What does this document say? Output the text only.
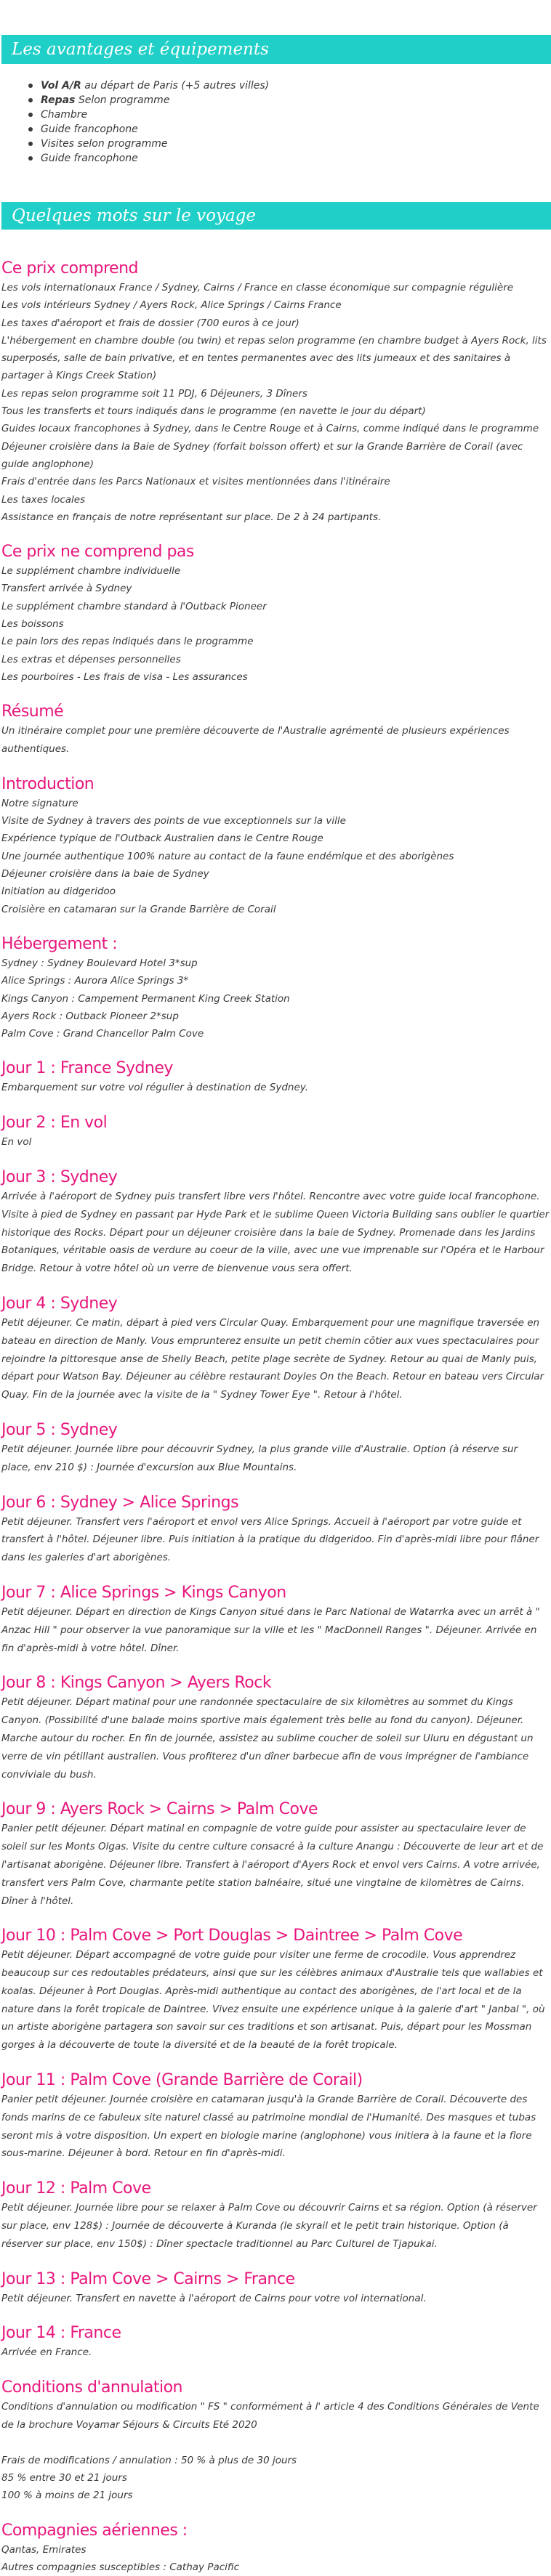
Les avantages et équipements
Vol A/R au départ de Paris (+5 autres villes)
Repas Selon programme
Chambre
Guide francophone
Visites selon programme
Guide francophone
Quelques mots sur le voyage
Ce prix comprend
Les vols internationaux France / Sydney, Cairns / France en classe économique sur compagnie régulière
Les vols intérieurs Sydney / Ayers Rock, Alice Springs / Cairns France
Les taxes d'aéroport et frais de dossier (700 euros à ce jour)
L'hébergement en chambre double (ou twin) et repas selon programme (en chambre budget à Ayers Rock, lits superposés, salle de bain privative, et en tentes permanentes avec des lits jumeaux et des sanitaires à partager à Kings Creek Station)
Les repas selon programme soit 11 PDJ, 6 Déjeuners, 3 Dîners
Tous les transferts et tours indiqués dans le programme (en navette le jour du départ)
Guides locaux francophones à Sydney, dans le Centre Rouge et à Cairns, comme indiqué dans le programme
Déjeuner croisière dans la Baie de Sydney (forfait boisson offert) et sur la Grande Barrière de Corail (avec guide anglophone)
Frais d'entrée dans les Parcs Nationaux et visites mentionnées dans l'itinéraire
Les taxes locales
Assistance en français de notre représentant sur place. De 2 à 24 partipants.
Ce prix ne comprend pas
Le supplément chambre individuelle
Transfert arrivée à Sydney
Le supplément chambre standard à l'Outback Pioneer
Les boissons
Le pain lors des repas indiqués dans le programme
Les extras et dépenses personnelles
Les pourboires - Les frais de visa - Les assurances
Résumé

Un itinéraire complet pour une première découverte de l'Australie agrémenté de plusieurs expériences authentiques.

Introduction
Notre signature
Visite de Sydney à travers des points de vue exceptionnels sur la ville
Expérience typique de l'Outback Australien dans le Centre Rouge
Une journée authentique 100% nature au contact de la faune endémique et des aborigènes
Déjeuner croisière dans la baie de Sydney
Initiation au didgeridoo
Croisière en catamaran sur la Grande Barrière de Corail
Hébergement :
Sydney : Sydney Boulevard Hotel 3*sup
Alice Springs : Aurora Alice Springs 3*
Kings Canyon : Campement Permanent King Creek Station
Ayers Rock : Outback Pioneer 2*sup
Palm Cove : Grand Chancellor Palm Cove
Jour 1 : France Sydney

Embarquement sur votre vol régulier à destination de Sydney.

Jour 2 : En vol

En vol

Jour 3 : Sydney

Arrivée à l'aéroport de Sydney puis transfert libre vers l'hôtel. Rencontre avec votre guide local francophone. Visite à pied de Sydney en passant par Hyde Park et le sublime Queen Victoria Building sans oublier le quartier historique des Rocks. Départ pour un déjeuner croisière dans la baie de Sydney. Promenade dans les Jardins Botaniques, véritable oasis de verdure au coeur de la ville, avec une vue imprenable sur l'Opéra et le Harbour Bridge. Retour à votre hôtel où un verre de bienvenue vous sera offert.

Jour 4 : Sydney

Petit déjeuner. Ce matin, départ à pied vers Circular Quay. Embarquement pour une magnifique traversée en bateau en direction de Manly. Vous emprunterez ensuite un petit chemin côtier aux vues spectaculaires pour rejoindre la pittoresque anse de Shelly Beach, petite plage secrète de Sydney. Retour au quai de Manly puis, départ pour Watson Bay. Déjeuner au célèbre restaurant Doyles On the Beach. Retour en bateau vers Circular Quay. Fin de la journée avec la visite de la " Sydney Tower Eye ". Retour à l'hôtel.

Jour 5 : Sydney

Petit déjeuner. Journée libre pour découvrir Sydney, la plus grande ville d'Australie. Option (à réserve sur place, env 210 $) : Journée d'excursion aux Blue Mountains.

Jour 6 : Sydney > Alice Springs

Petit déjeuner. Transfert vers l'aéroport et envol vers Alice Springs. Accueil à l'aéroport par votre guide et transfert à l'hôtel. Déjeuner libre. Puis initiation à la pratique du didgeridoo. Fin d'après-midi libre pour flâner dans les galeries d'art aborigènes.

Jour 7 : Alice Springs > Kings Canyon

Petit déjeuner. Départ en direction de Kings Canyon situé dans le Parc National de Watarrka avec un arrêt à " Anzac Hill " pour observer la vue panoramique sur la ville et les " MacDonnell Ranges ". Déjeuner. Arrivée en fin d'après-midi à votre hôtel. Dîner.

Jour 8 : Kings Canyon > Ayers Rock

Petit déjeuner. Départ matinal pour une randonnée spectaculaire de six kilomètres au sommet du Kings Canyon. (Possibilité d'une balade moins sportive mais également très belle au fond du canyon). Déjeuner. Marche autour du rocher. En fin de journée, assistez au sublime coucher de soleil sur Uluru en dégustant un verre de vin pétillant australien. Vous profiterez d'un dîner barbecue afin de vous imprégner de l'ambiance conviviale du bush.

Jour 9 : Ayers Rock > Cairns > Palm Cove

Panier petit déjeuner. Départ matinal en compagnie de votre guide pour assister au spectaculaire lever de soleil sur les Monts Olgas. Visite du centre culture consacré à la culture Anangu : Découverte de leur art et de l'artisanat aborigène. Déjeuner libre. Transfert à l'aéroport d'Ayers Rock et envol vers Cairns. A votre arrivée, transfert vers Palm Cove, charmante petite station balnéaire, situé une vingtaine de kilomètres de Cairns. Dîner à l'hôtel.

Jour 10 : Palm Cove > Port Douglas > Daintree > Palm Cove

Petit déjeuner. Départ accompagné de votre guide pour visiter une ferme de crocodile. Vous apprendrez beaucoup sur ces redoutables prédateurs, ainsi que sur les célèbres animaux d'Australie tels que wallabies et koalas. Déjeuner à Port Douglas. Après-midi authentique au contact des aborigènes, de l'art local et de la nature dans la forêt tropicale de Daintree. Vivez ensuite une expérience unique à la galerie d'art " Janbal ", où un artiste aborigène partagera son savoir sur ces traditions et son artisanat. Puis, départ pour les Mossman gorges à la découverte de toute la diversité et de la beauté de la forêt tropicale.

Jour 11 : Palm Cove (Grande Barrière de Corail)

Panier petit déjeuner. Journée croisière en catamaran jusqu'à la Grande Barrière de Corail. Découverte des fonds marins de ce fabuleux site naturel classé au patrimoine mondial de l'Humanité. Des masques et tubas seront mis à votre disposition. Un expert en biologie marine (anglophone) vous initiera à la faune et la flore sous-marine. Déjeuner à bord. Retour en fin d'après-midi.

Jour 12 : Palm Cove

Petit déjeuner. Journée libre pour se relaxer à Palm Cove ou découvrir Cairns et sa région. Option (à réserver sur place, env 128$) : Journée de découverte à Kuranda (le skyrail et le petit train historique. Option (à réserver sur place, env 150$) : Dîner spectacle traditionnel au Parc Culturel de Tjapukai.

Jour 13 : Palm Cove > Cairns > France

Petit déjeuner. Transfert en navette à l'aéroport de Cairns pour votre vol international.

Jour 14 : France

Arrivée en France.

Conditions d'annulation

Conditions d'annulation ou modification " FS " conformément à l' article 4 des Conditions Générales de Vente de la brochure Voyamar Séjours & Circuits Eté 2020

Frais de modifications / annulation : 50 % à plus de 30 jours
85 % entre 30 et 21 jours
100 % à moins de 21 jours
Compagnies aériennes :
Qantas, Emirates
Autres compagnies susceptibles : Cathay Pacific
